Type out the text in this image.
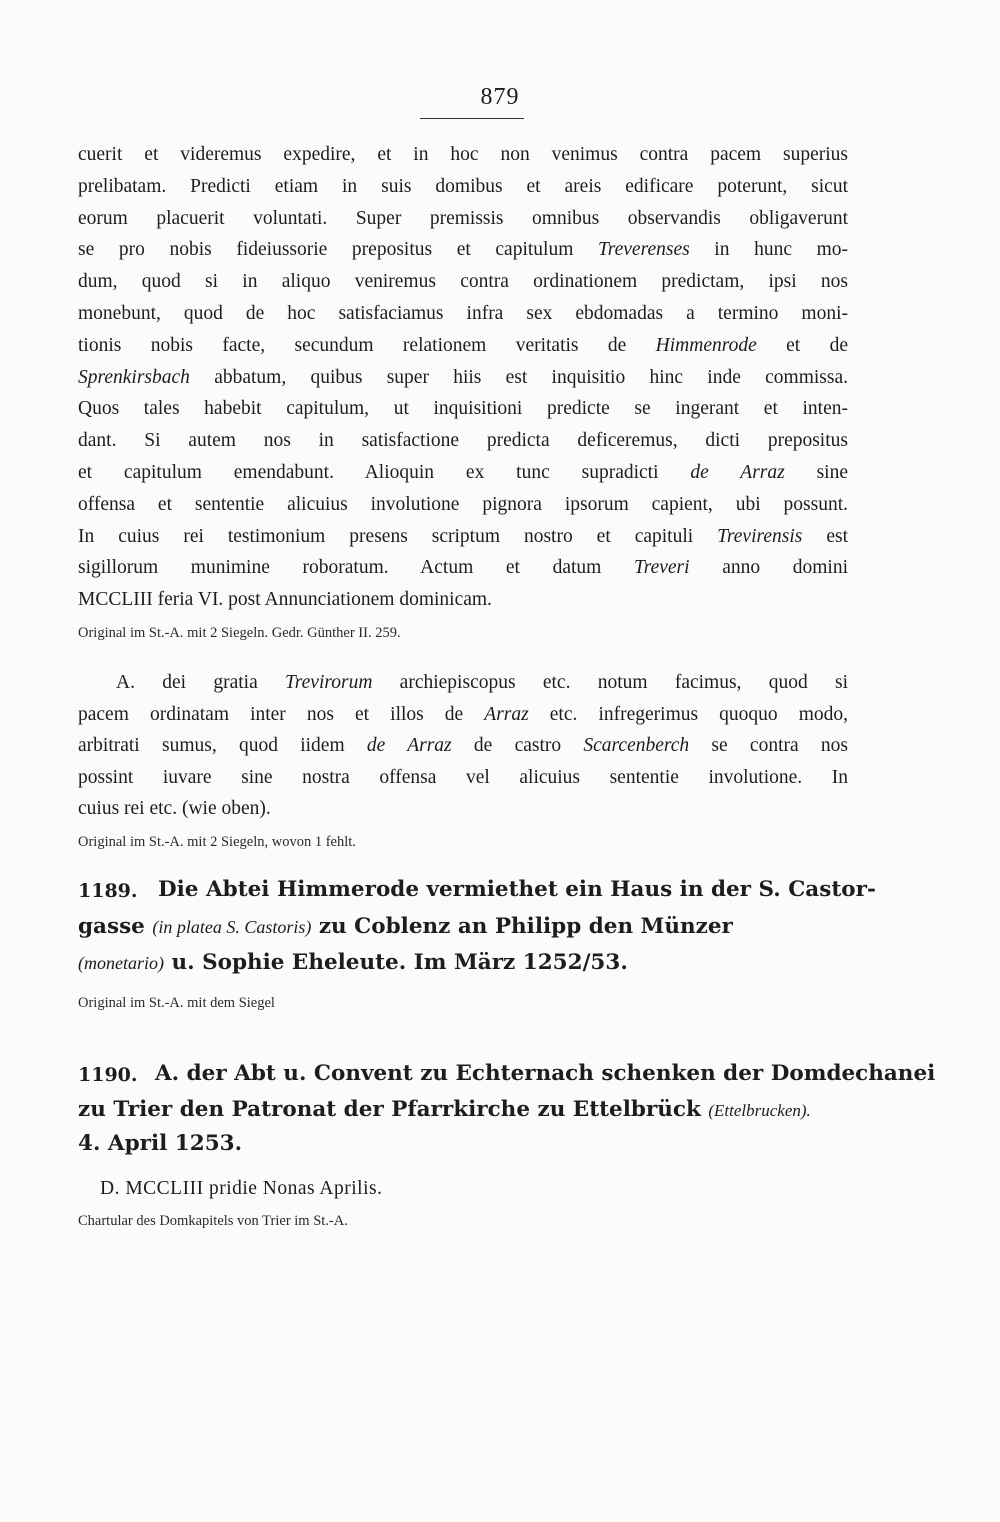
879
cuerit et videremus expedire, et in hoc non venimus contra pacem superius
prelibatam. Predicti etiam in suis domibus et areis edificare poterunt, sicut
eorum placuerit voluntati. Super premissis omnibus observandis obligaverunt
se pro nobis fideiussorie prepositus et capitulum Treverenses in hunc mo-
dum, quod si in aliquo veniremus contra ordinationem predictam, ipsi nos
monebunt, quod de hoc satisfaciamus infra sex ebdomadas a termino moni-
tionis nobis facte, secundum relationem veritatis de Himmenrode et de
Sprenkirsbach abbatum, quibus super hiis est inquisitio hinc inde commissa.
Quos tales habebit capitulum, ut inquisitioni predicte se ingerant et inten-
dant. Si autem nos in satisfactione predicta deficeremus, dicti prepositus
et capitulum emendabunt. Alioquin ex tunc supradicti de Arraz sine
offensa et sententie alicuius involutione pignora ipsorum capient, ubi possunt.
In cuius rei testimonium presens scriptum nostro et capituli Trevirensis est
sigillorum munimine roboratum. Actum et datum Treveri anno domini
MCCLIII feria VI. post Annunciationem dominicam.
Original im St.-A. mit 2 Siegeln. Gedr. Günther II. 259.
A. dei gratia Trevirorum archiepiscopus etc. notum facimus, quod si
pacem ordinatam inter nos et illos de Arraz etc. infregerimus quoquo modo,
arbitrati sumus, quod iidem de Arraz de castro Scarcenberch se contra nos
possint iuvare sine nostra offensa vel alicuius sententie involutione. In
cuius rei etc. (wie oben).
Original im St.-A. mit 2 Siegeln, wovon 1 fehlt.
1189. Die Abtei Himmerode vermiethet ein Haus in der S. Castor-
gasse (in platea S. Castoris) zu Coblenz an Philipp den Münzer
(monetario) u. Sophie Eheleute. Im März 1252/53.
Original im St.-A. mit dem Siegel
1190. A. der Abt u. Convent zu Echternach schenken der Domdechanei
zu Trier den Patronat der Pfarrkirche zu Ettelbrück (Ettelbrucken).
4. April 1253.
D. MCCLIII pridie Nonas Aprilis.
Chartular des Domkapitels von Trier im St.-A.
